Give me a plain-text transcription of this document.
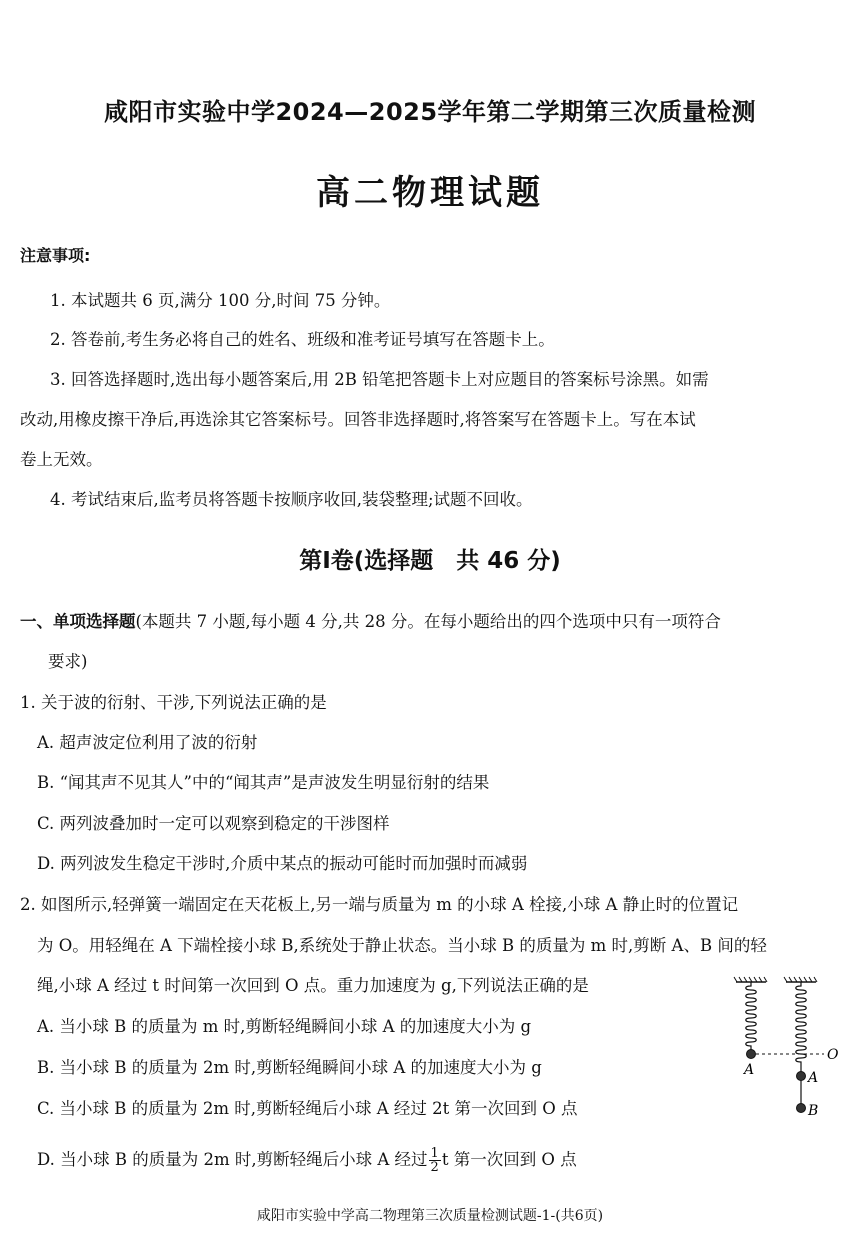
咸阳市实验中学2024—2025学年第二学期第三次质量检测
高二物理试题
注意事项:
1. 本试题共 6 页,满分 100 分,时间 75 分钟。
2. 答卷前,考生务必将自己的姓名、班级和准考证号填写在答题卡上。
3. 回答选择题时,选出每小题答案后,用 2B 铅笔把答题卡上对应题目的答案标号涂黑。如需
改动,用橡皮擦干净后,再选涂其它答案标号。回答非选择题时,将答案写在答题卡上。写在本试
卷上无效。
4. 考试结束后,监考员将答题卡按顺序收回,装袋整理;试题不回收。
第Ⅰ卷(选择题　共 46 分)
一、单项选择题(本题共 7 小题,每小题 4 分,共 28 分。在每小题给出的四个选项中只有一项符合
要求)
1. 关于波的衍射、干涉,下列说法正确的是
A. 超声波定位利用了波的衍射
B. “闻其声不见其人”中的“闻其声”是声波发生明显衍射的结果
C. 两列波叠加时一定可以观察到稳定的干涉图样
D. 两列波发生稳定干涉时,介质中某点的振动可能时而加强时而减弱
2. 如图所示,轻弹簧一端固定在天花板上,另一端与质量为 m 的小球 A 栓接,小球 A 静止时的位置记
为 O。用轻绳在 A 下端栓接小球 B,系统处于静止状态。当小球 B 的质量为 m 时,剪断 A、B 间的轻
绳,小球 A 经过 t 时间第一次回到 O 点。重力加速度为 g,下列说法正确的是
A. 当小球 B 的质量为 m 时,剪断轻绳瞬间小球 A 的加速度大小为 g
B. 当小球 B 的质量为 2m 时,剪断轻绳瞬间小球 A 的加速度大小为 g
C. 当小球 B 的质量为 2m 时,剪断轻绳后小球 A 经过 2t 第一次回到 O 点
D. 当小球 B 的质量为 2m 时,剪断轻绳后小球 A 经过 $\frac{1}{2}$ t 第一次回到 O 点
O
A	A
B
咸阳市实验中学高二物理第三次质量检测试题-1-(共6页)
